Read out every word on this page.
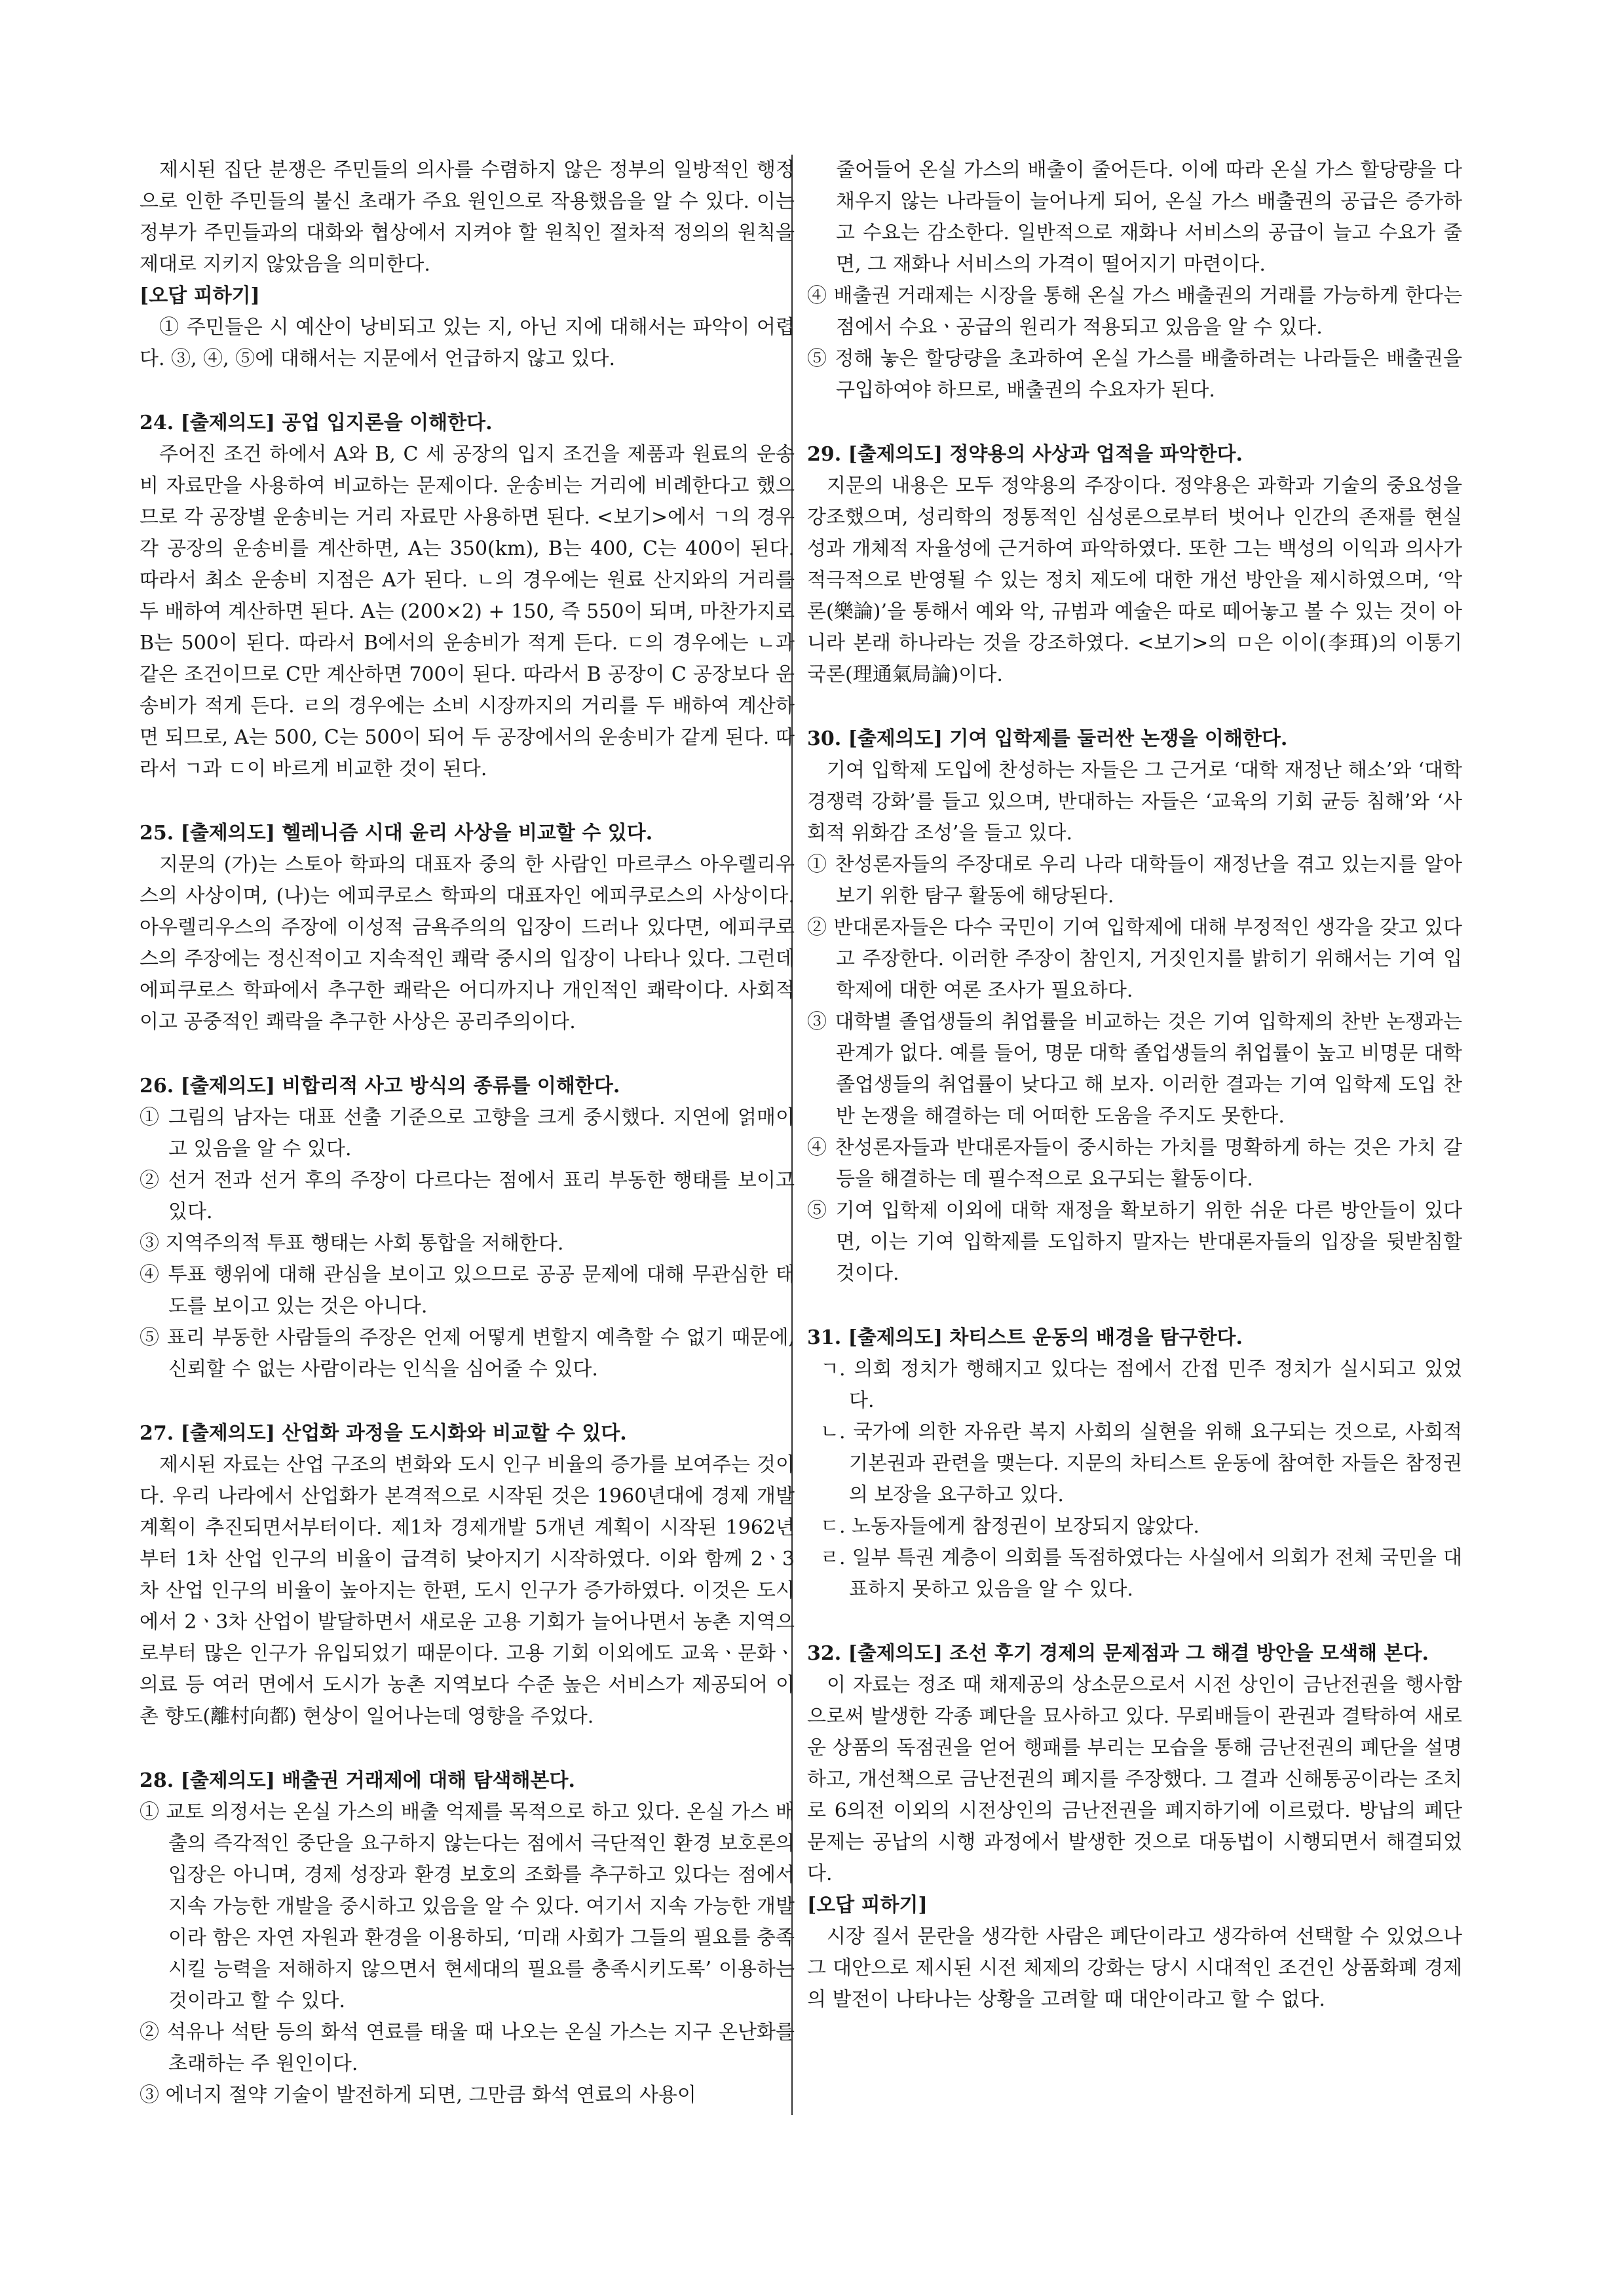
제시된 집단 분쟁은 주민들의 의사를 수렴하지 않은 정부의 일방적인 행정으로 인한 주민들의 불신 초래가 주요 원인으로 작용했음을 알 수 있다. 이는 정부가 주민들과의 대화와 협상에서 지켜야 할 원칙인 절차적 정의의 원칙을 제대로 지키지 않았음을 의미한다.
[오답 피하기]
① 주민들은 시 예산이 낭비되고 있는 지, 아닌 지에 대해서는 파악이 어렵다. ③, ④, ⑤에 대해서는 지문에서 언급하지 않고 있다.
24. [출제의도] 공업 입지론을 이해한다.
주어진 조건 하에서 A와 B, C 세 공장의 입지 조건을 제품과 원료의 운송비 자료만을 사용하여 비교하는 문제이다. 운송비는 거리에 비례한다고 했으므로 각 공장별 운송비는 거리 자료만 사용하면 된다. <보기>에서 ㄱ의 경우 각 공장의 운송비를 계산하면, A는 350(km), B는 400, C는 400이 된다. 따라서 최소 운송비 지점은 A가 된다. ㄴ의 경우에는 원료 산지와의 거리를 두 배하여 계산하면 된다. A는 (200×2) + 150, 즉 550이 되며, 마찬가지로 B는 500이 된다. 따라서 B에서의 운송비가 적게 든다. ㄷ의 경우에는 ㄴ과 같은 조건이므로 C만 계산하면 700이 된다. 따라서 B 공장이 C 공장보다 운송비가 적게 든다. ㄹ의 경우에는 소비 시장까지의 거리를 두 배하여 계산하면 되므로, A는 500, C는 500이 되어 두 공장에서의 운송비가 같게 된다. 따라서 ㄱ과 ㄷ이 바르게 비교한 것이 된다.
25. [출제의도] 헬레니즘 시대 윤리 사상을 비교할 수 있다.
지문의 (가)는 스토아 학파의 대표자 중의 한 사람인 마르쿠스 아우렐리우스의 사상이며, (나)는 에피쿠로스 학파의 대표자인 에피쿠로스의 사상이다. 아우렐리우스의 주장에 이성적 금욕주의의 입장이 드러나 있다면, 에피쿠로스의 주장에는 정신적이고 지속적인 쾌락 중시의 입장이 나타나 있다. 그런데 에피쿠로스 학파에서 추구한 쾌락은 어디까지나 개인적인 쾌락이다. 사회적이고 공중적인 쾌락을 추구한 사상은 공리주의이다.
26. [출제의도] 비합리적 사고 방식의 종류를 이해한다.
① 그림의 남자는 대표 선출 기준으로 고향을 크게 중시했다. 지연에 얽매이고 있음을 알 수 있다.
② 선거 전과 선거 후의 주장이 다르다는 점에서 표리 부동한 행태를 보이고 있다.
③ 지역주의적 투표 행태는 사회 통합을 저해한다.
④ 투표 행위에 대해 관심을 보이고 있으므로 공공 문제에 대해 무관심한 태도를 보이고 있는 것은 아니다.
⑤ 표리 부동한 사람들의 주장은 언제 어떻게 변할지 예측할 수 없기 때문에, 신뢰할 수 없는 사람이라는 인식을 심어줄 수 있다.
27. [출제의도] 산업화 과정을 도시화와 비교할 수 있다.
제시된 자료는 산업 구조의 변화와 도시 인구 비율의 증가를 보여주는 것이다. 우리 나라에서 산업화가 본격적으로 시작된 것은 1960년대에 경제 개발 계획이 추진되면서부터이다. 제1차 경제개발 5개년 계획이 시작된 1962년부터 1차 산업 인구의 비율이 급격히 낮아지기 시작하였다. 이와 함께 2ㆍ3차 산업 인구의 비율이 높아지는 한편, 도시 인구가 증가하였다. 이것은 도시에서 2ㆍ3차 산업이 발달하면서 새로운 고용 기회가 늘어나면서 농촌 지역으로부터 많은 인구가 유입되었기 때문이다. 고용 기회 이외에도 교육ㆍ문화ㆍ의료 등 여러 면에서 도시가 농촌 지역보다 수준 높은 서비스가 제공되어 이촌 향도(離村向都) 현상이 일어나는데 영향을 주었다.
28. [출제의도] 배출권 거래제에 대해 탐색해본다.
① 교토 의정서는 온실 가스의 배출 억제를 목적으로 하고 있다. 온실 가스 배출의 즉각적인 중단을 요구하지 않는다는 점에서 극단적인 환경 보호론의 입장은 아니며, 경제 성장과 환경 보호의 조화를 추구하고 있다는 점에서 지속 가능한 개발을 중시하고 있음을 알 수 있다. 여기서 지속 가능한 개발이라 함은 자연 자원과 환경을 이용하되, ‘미래 사회가 그들의 필요를 충족시킬 능력을 저해하지 않으면서 현세대의 필요를 충족시키도록’ 이용하는 것이라고 할 수 있다.
② 석유나 석탄 등의 화석 연료를 태울 때 나오는 온실 가스는 지구 온난화를 초래하는 주 원인이다.
③ 에너지 절약 기술이 발전하게 되면, 그만큼 화석 연료의 사용이
줄어들어 온실 가스의 배출이 줄어든다. 이에 따라 온실 가스 할당량을 다 채우지 않는 나라들이 늘어나게 되어, 온실 가스 배출권의 공급은 증가하고 수요는 감소한다. 일반적으로 재화나 서비스의 공급이 늘고 수요가 줄면, 그 재화나 서비스의 가격이 떨어지기 마련이다.
④ 배출권 거래제는 시장을 통해 온실 가스 배출권의 거래를 가능하게 한다는 점에서 수요ㆍ공급의 원리가 적용되고 있음을 알 수 있다.
⑤ 정해 놓은 할당량을 초과하여 온실 가스를 배출하려는 나라들은 배출권을 구입하여야 하므로, 배출권의 수요자가 된다.
29. [출제의도] 정약용의 사상과 업적을 파악한다.
지문의 내용은 모두 정약용의 주장이다. 정약용은 과학과 기술의 중요성을 강조했으며, 성리학의 정통적인 심성론으로부터 벗어나 인간의 존재를 현실성과 개체적 자율성에 근거하여 파악하였다. 또한 그는 백성의 이익과 의사가 적극적으로 반영될 수 있는 정치 제도에 대한 개선 방안을 제시하였으며, ‘악론(樂論)’을 통해서 예와 악, 규범과 예술은 따로 떼어놓고 볼 수 있는 것이 아니라 본래 하나라는 것을 강조하였다. <보기>의 ㅁ은 이이(李珥)의 이통기국론(理通氣局論)이다.
30. [출제의도] 기여 입학제를 둘러싼 논쟁을 이해한다.
기여 입학제 도입에 찬성하는 자들은 그 근거로 ‘대학 재정난 해소’와 ‘대학 경쟁력 강화’를 들고 있으며, 반대하는 자들은 ‘교육의 기회 균등 침해’와 ‘사회적 위화감 조성’을 들고 있다.
① 찬성론자들의 주장대로 우리 나라 대학들이 재정난을 겪고 있는지를 알아보기 위한 탐구 활동에 해당된다.
② 반대론자들은 다수 국민이 기여 입학제에 대해 부정적인 생각을 갖고 있다고 주장한다. 이러한 주장이 참인지, 거짓인지를 밝히기 위해서는 기여 입학제에 대한 여론 조사가 필요하다.
③ 대학별 졸업생들의 취업률을 비교하는 것은 기여 입학제의 찬반 논쟁과는 관계가 없다. 예를 들어, 명문 대학 졸업생들의 취업률이 높고 비명문 대학 졸업생들의 취업률이 낮다고 해 보자. 이러한 결과는 기여 입학제 도입 찬반 논쟁을 해결하는 데 어떠한 도움을 주지도 못한다.
④ 찬성론자들과 반대론자들이 중시하는 가치를 명확하게 하는 것은 가치 갈등을 해결하는 데 필수적으로 요구되는 활동이다.
⑤ 기여 입학제 이외에 대학 재정을 확보하기 위한 쉬운 다른 방안들이 있다면, 이는 기여 입학제를 도입하지 말자는 반대론자들의 입장을 뒷받침할 것이다.
31. [출제의도] 차티스트 운동의 배경을 탐구한다.
ㄱ. 의회 정치가 행해지고 있다는 점에서 간접 민주 정치가 실시되고 있었다.
ㄴ. 국가에 의한 자유란 복지 사회의 실현을 위해 요구되는 것으로, 사회적 기본권과 관련을 맺는다. 지문의 차티스트 운동에 참여한 자들은 참정권의 보장을 요구하고 있다.
ㄷ. 노동자들에게 참정권이 보장되지 않았다.
ㄹ. 일부 특권 계층이 의회를 독점하였다는 사실에서 의회가 전체 국민을 대표하지 못하고 있음을 알 수 있다.
32. [출제의도] 조선 후기 경제의 문제점과 그 해결 방안을 모색해 본다.
이 자료는 정조 때 채제공의 상소문으로서 시전 상인이 금난전권을 행사함으로써 발생한 각종 폐단을 묘사하고 있다. 무뢰배들이 관권과 결탁하여 새로운 상품의 독점권을 얻어 행패를 부리는 모습을 통해 금난전권의 폐단을 설명하고, 개선책으로 금난전권의 폐지를 주장했다. 그 결과 신해통공이라는 조치로 6의전 이외의 시전상인의 금난전권을 폐지하기에 이르렀다. 방납의 폐단 문제는 공납의 시행 과정에서 발생한 것으로 대동법이 시행되면서 해결되었다.
[오답 피하기]
시장 질서 문란을 생각한 사람은 폐단이라고 생각하여 선택할 수 있었으나 그 대안으로 제시된 시전 체제의 강화는 당시 시대적인 조건인 상품화폐 경제의 발전이 나타나는 상황을 고려할 때 대안이라고 할 수 없다.
